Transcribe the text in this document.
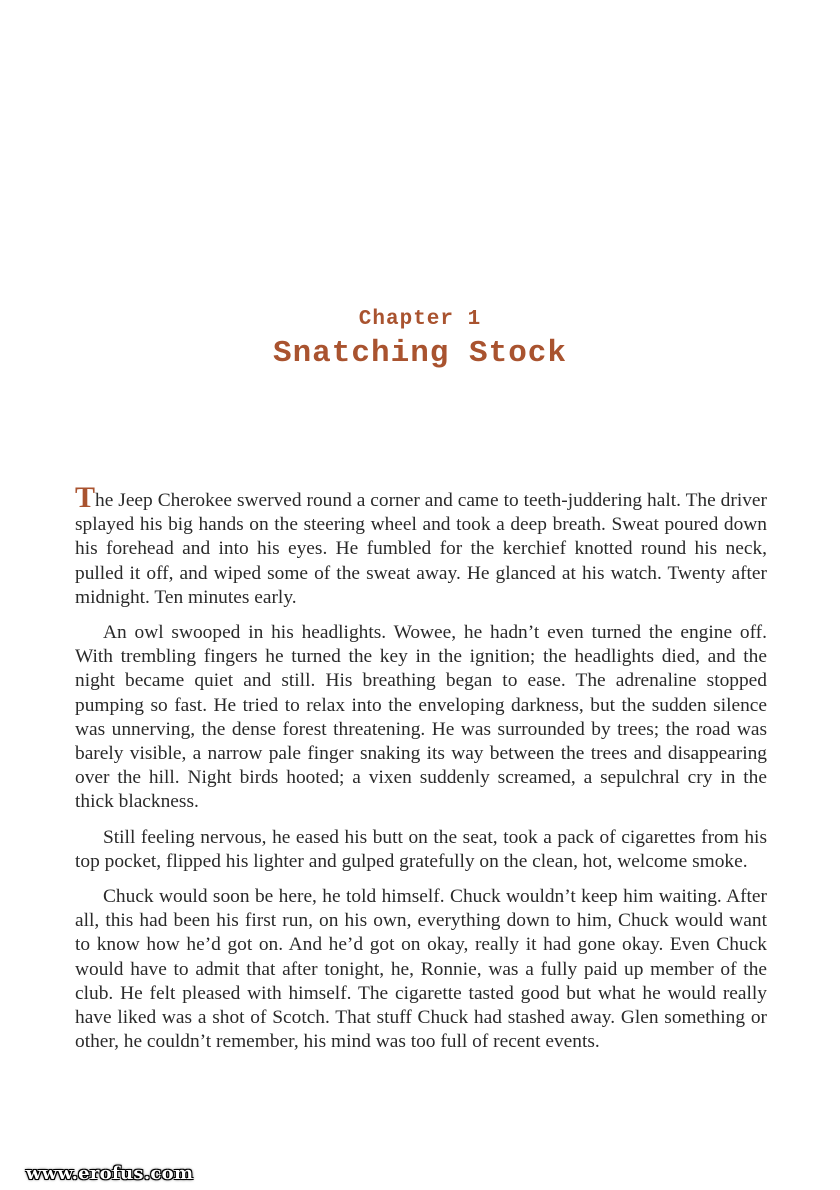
Chapter 1
Snatching Stock

The Jeep Cherokee swerved round a corner and came to teeth-juddering halt. The driver splayed his big hands on the steering wheel and took a deep breath. Sweat poured down his forehead and into his eyes. He fumbled for the kerchief knotted round his neck, pulled it off, and wiped some of the sweat away. He glanced at his watch. Twenty after midnight. Ten minutes early.

An owl swooped in his headlights. Wowee, he hadn’t even turned the engine off. With trembling fingers he turned the key in the ignition; the headlights died, and the night became quiet and still. His breathing began to ease. The adrenaline stopped pumping so fast. He tried to relax into the enveloping darkness, but the sudden silence was unnerving, the dense forest threatening. He was surrounded by trees; the road was barely visible, a narrow pale finger snaking its way between the trees and disappearing over the hill. Night birds hooted; a vixen suddenly screamed, a sepulchral cry in the thick blackness.

Still feeling nervous, he eased his butt on the seat, took a pack of cigarettes from his top pocket, flipped his lighter and gulped gratefully on the clean, hot, welcome smoke.

Chuck would soon be here, he told himself. Chuck wouldn’t keep him waiting. After all, this had been his first run, on his own, everything down to him, Chuck would want to know how he’d got on. And he’d got on okay, really it had gone okay. Even Chuck would have to admit that after tonight, he, Ronnie, was a fully paid up member of the club. He felt pleased with himself. The cigarette tasted good but what he would really have liked was a shot of Scotch. That stuff Chuck had stashed away. Glen something or other, he couldn’t remember, his mind was too full of recent events.

www.erofus.com
